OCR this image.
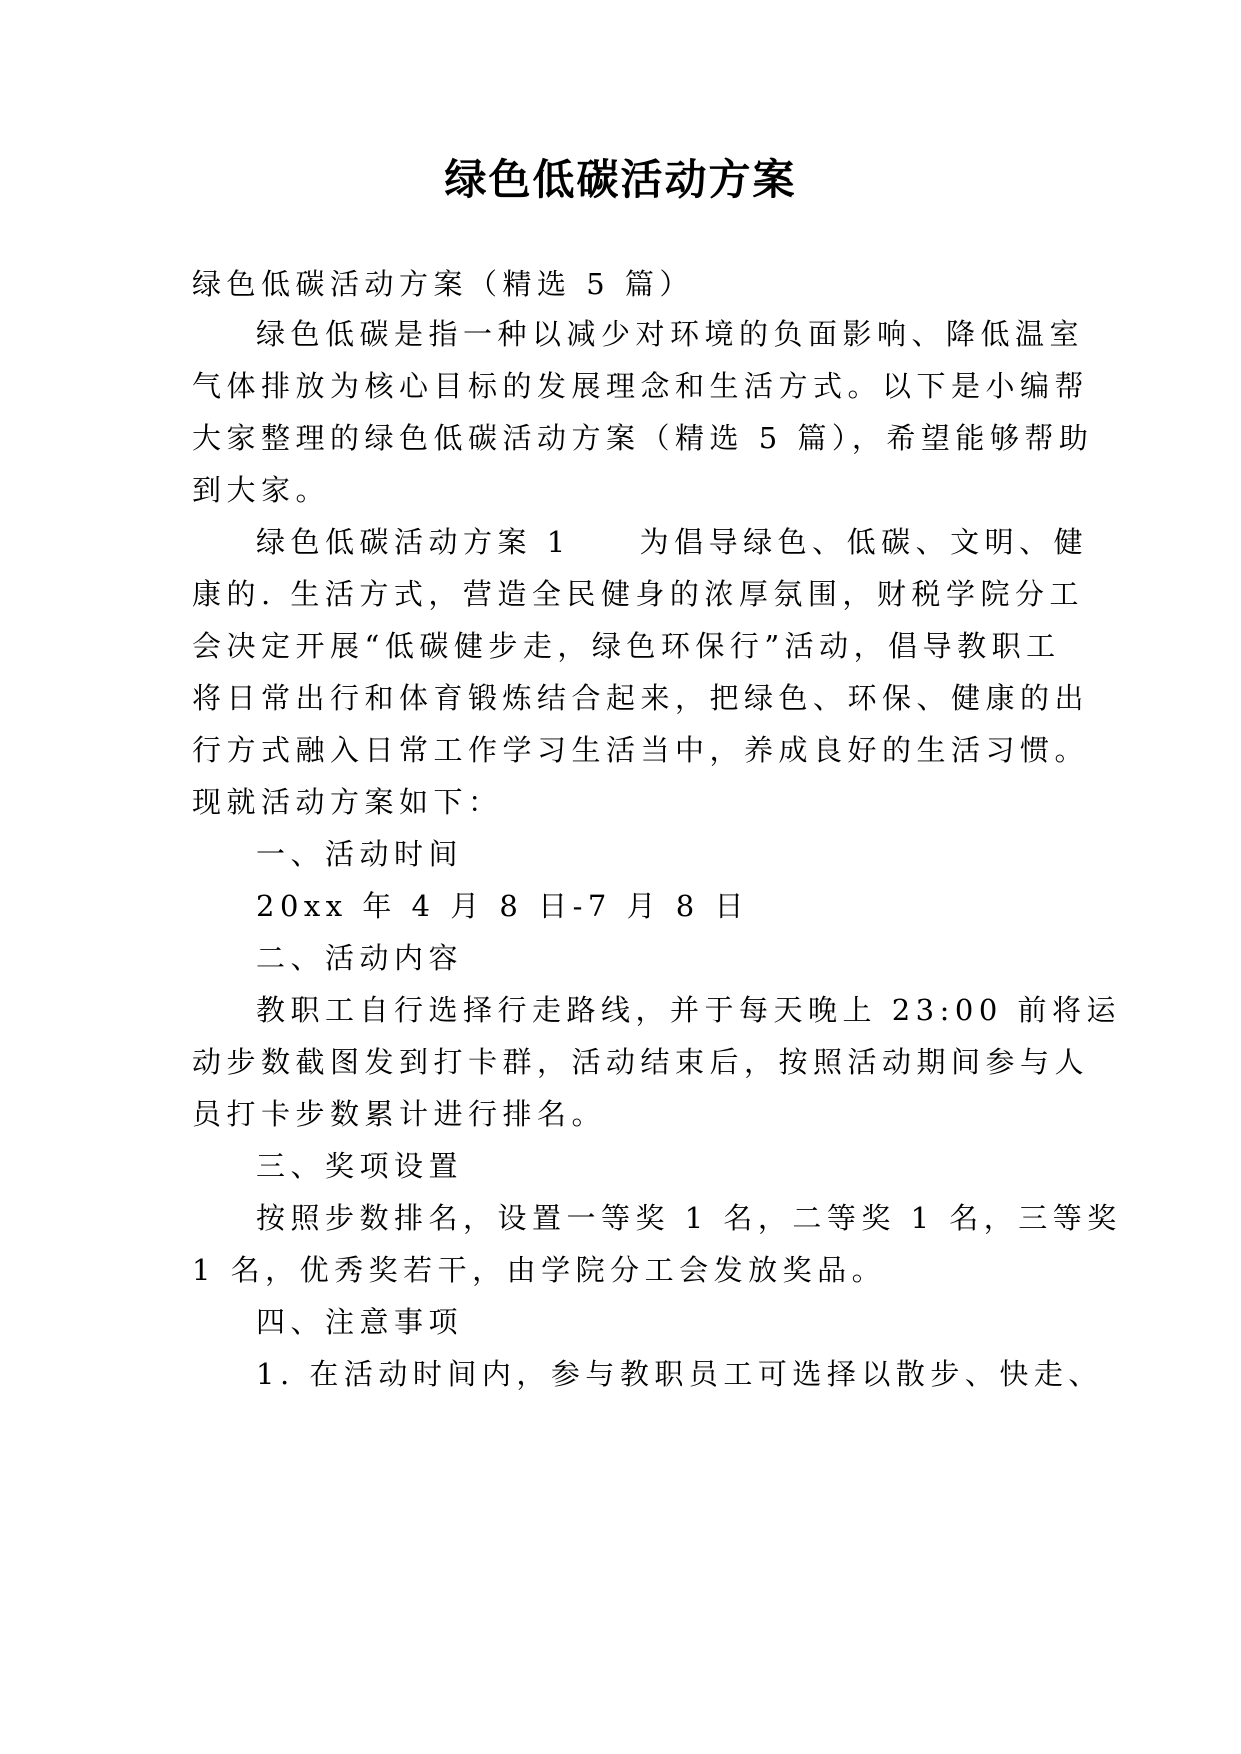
绿色低碳活动方案
绿色低碳活动方案（精选 5 篇）
绿色低碳是指一种以减少对环境的负面影响、降低温室
气体排放为核心目标的发展理念和生活方式。以下是小编帮
大家整理的绿色低碳活动方案（精选 5 篇），希望能够帮助
到大家。
绿色低碳活动方案 1　　为倡导绿色、低碳、文明、健
康的. 生活方式，营造全民健身的浓厚氛围，财税学院分工
会决定开展“低碳健步走，绿色环保行”活动，倡导教职工
将日常出行和体育锻炼结合起来，把绿色、环保、健康的出
行方式融入日常工作学习生活当中，养成良好的生活习惯。
现就活动方案如下：
一、活动时间
20xx 年 4 月 8 日-7 月 8 日
二、活动内容
教职工自行选择行走路线，并于每天晚上 23:00 前将运
动步数截图发到打卡群，活动结束后，按照活动期间参与人
员打卡步数累计进行排名。
三、奖项设置
按照步数排名，设置一等奖 1 名，二等奖 1 名，三等奖
1 名，优秀奖若干，由学院分工会发放奖品。
四、注意事项
1. 在活动时间内，参与教职员工可选择以散步、快走、
